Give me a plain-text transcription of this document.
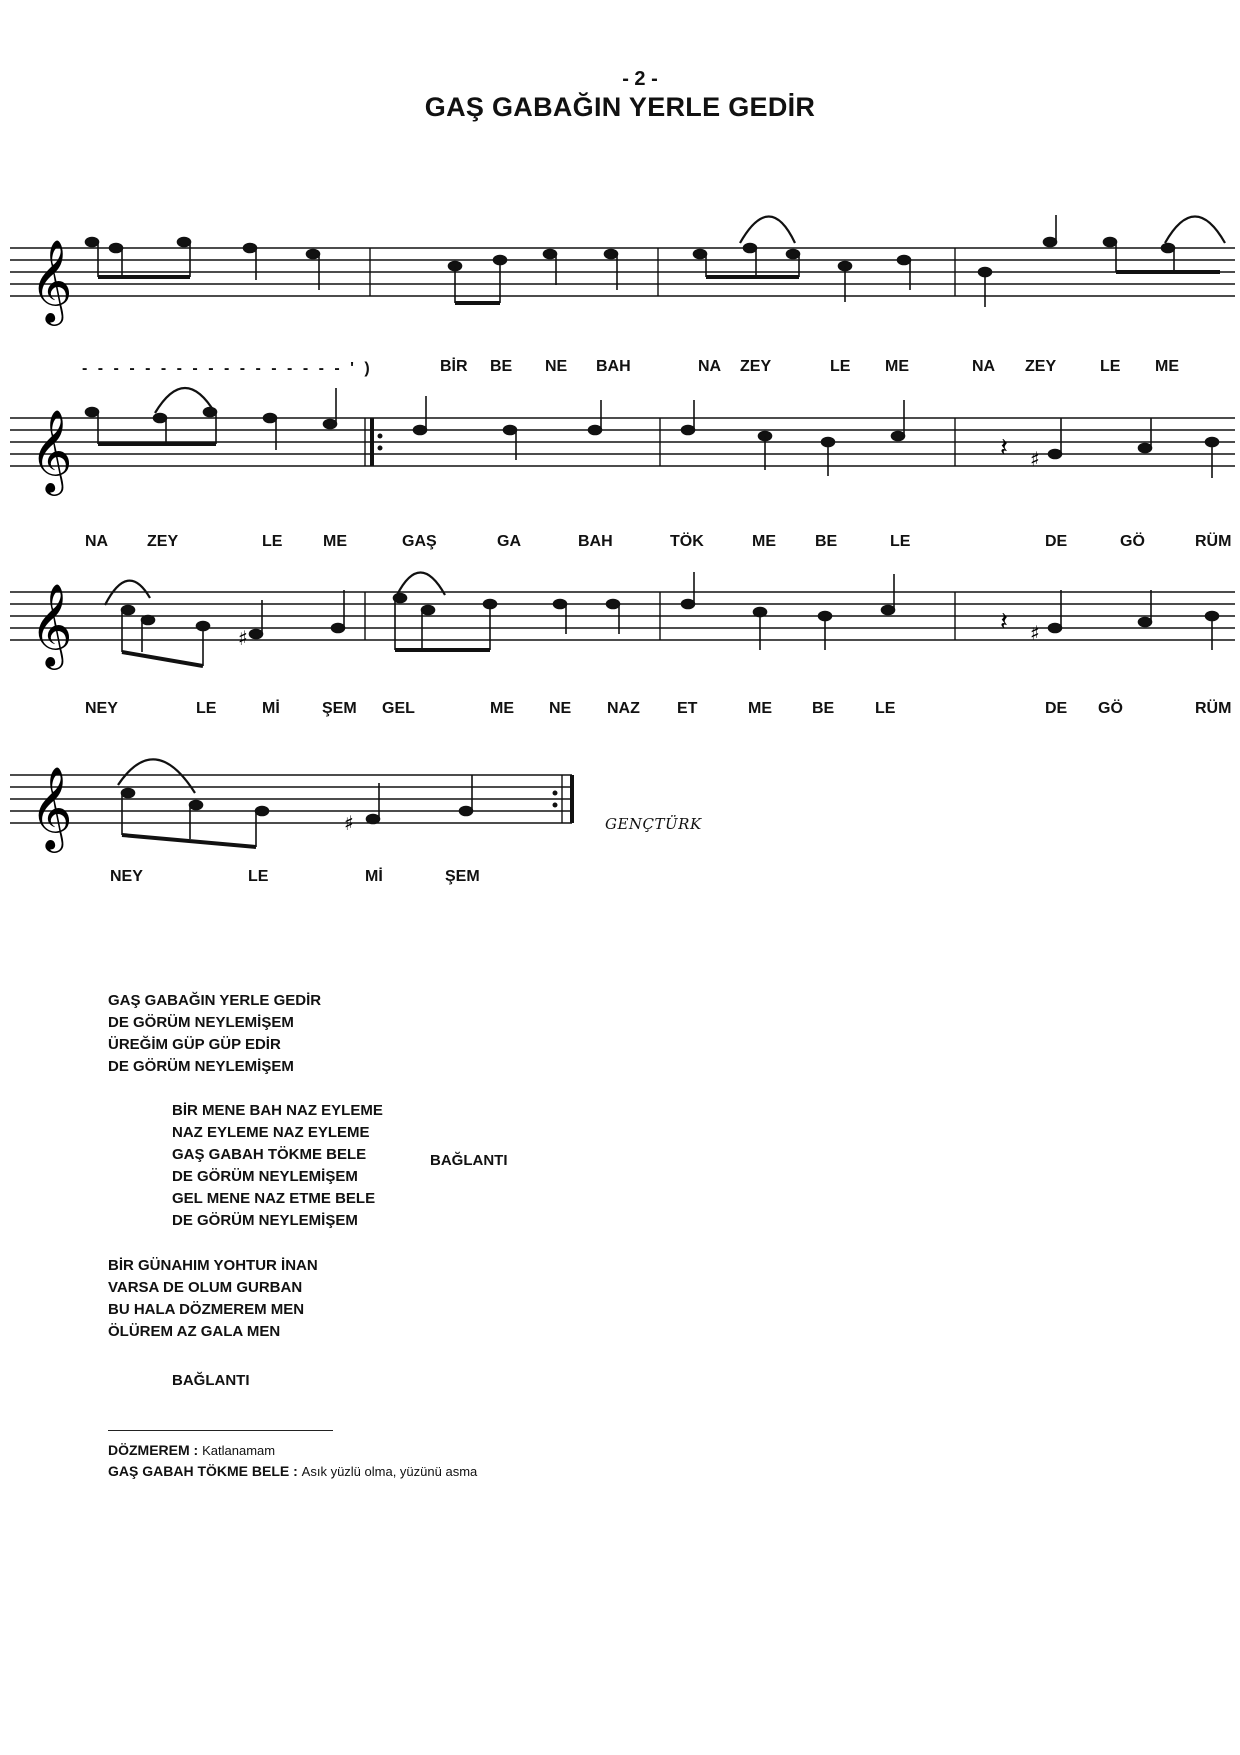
- 2 -
GAŞ GABAĞIN YERLE GEDİR
𝄞
- - - - - - - - - - - - - - - - - ' )	BİR BE NE BAH	NA ZEY	LE ME	NA ZEY	LE ME
𝄞	𝄽 ♯
NA ZEY	LE	ME	GAŞ	GA	BAH	TÖK	ME BE	LE	DE	GÖ	RÜM
𝄞	♯
𝄽 ♯
NEY	LE	Mİ	ŞEM GEL	ME NE NAZ ET	ME	BE	LE	DE GÖ	RÜM
𝄞	♯	GENÇTÜRK
NEY	LE	Mİ	ŞEM
GAŞ GABAĞIN YERLE GEDİR
DE GÖRÜM NEYLEMİŞEM
ÜREĞİM GÜP GÜP EDİR
DE GÖRÜM NEYLEMİŞEM
BİR MENE BAH NAZ EYLEME
NAZ EYLEME NAZ EYLEME
GAŞ GABAH TÖKME BELE
DE GÖRÜM NEYLEMİŞEM
GEL MENE NAZ ETME BELE
DE GÖRÜM NEYLEMİŞEM
BAĞLANTI
BİR GÜNAHIM YOHTUR İNAN
VARSA DE OLUM GURBAN
BU HALA DÖZMEREM MEN
ÖLÜREM AZ GALA MEN
BAĞLANTI
DÖZMEREM : Katlanamam
GAŞ GABAH TÖKME BELE : Asık yüzlü olma, yüzünü asma
